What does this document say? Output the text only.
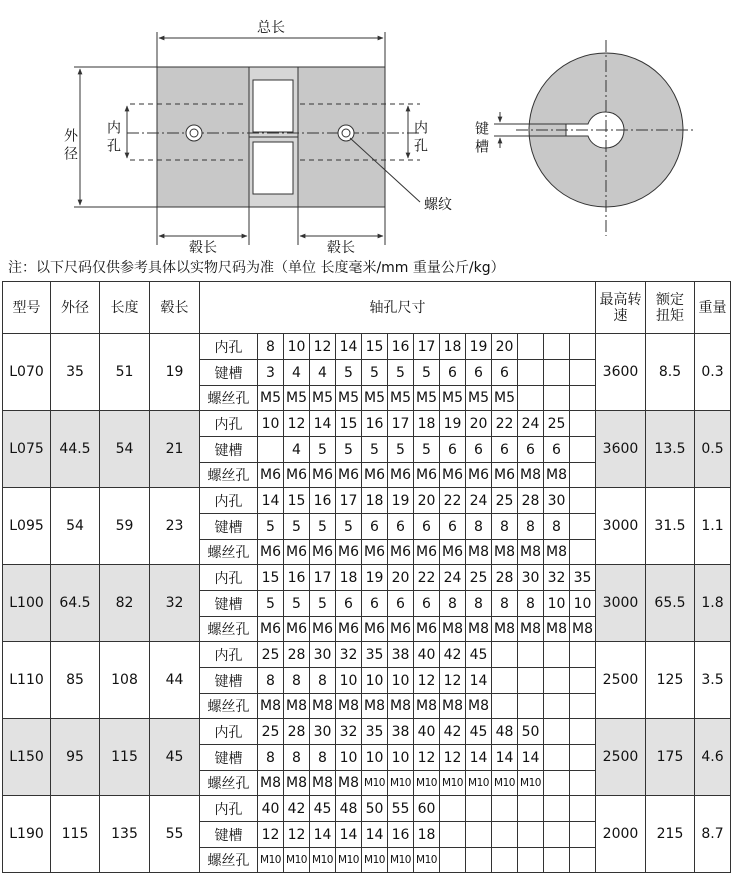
总长
外径 内孔	内孔
螺纹
毂长	毂长
键槽
注：以下尺码仅供参考具体以实物尺码为准（单位 长度毫米/mm 重量公斤/kg）
型号	外径	长度	毂长	轴孔尺寸														最高转速	额定扭矩	重量
L070	35	51	19	内孔	8	10	12	14	15	16	17	18	19	20				3600	8.5	0.3
				键槽	3	4	4	5	5	5	5	6	6	6						
				螺丝孔	M5	M5	M5	M5	M5	M5	M5	M5	M5	M5						
L075	44.5	54	21	内孔	10	12	14	15	16	17	18	19	20	22	24	25		3600	13.5	0.5
				键槽		4	5	5	5	5	5	6	6	6	6	6				
				螺丝孔	M6	M6	M6	M6	M6	M6	M6	M6	M6	M6	M8	M8				
L095	54	59	23	内孔	14	15	16	17	18	19	20	22	24	25	28	30		3000	31.5	1.1
				键槽	5	5	5	5	6	6	6	6	8	8	8	8				
				螺丝孔	M6	M6	M6	M6	M6	M6	M6	M6	M8	M8	M8	M8				
L100	64.5	82	32	内孔	15	16	17	18	19	20	22	24	25	28	30	32	35	3000	65.5	1.8
				键槽	5	5	5	6	6	6	6	8	8	8	8	10	10			
				螺丝孔	M6	M6	M6	M6	M6	M6	M6	M8	M8	M8	M8	M8	M8			
L110	85	108	44	内孔	25	28	30	32	35	38	40	42	45					2500	125	3.5
				键槽	8	8	8	10	10	10	12	12	14							
				螺丝孔	M8	M8	M8	M8	M8	M8	M8	M8	M8							
L150	95	115	45	内孔	25	28	30	32	35	38	40	42	45	48	50			2500	175	4.6
				键槽	8	8	8	10	10	10	12	12	14	14	14					
				螺丝孔	M8	M8	M8	M8	M10	M10	M10	M10	M10	M10	M10					
L190	115	135	55	内孔	40	42	45	48	50	55	60							2000	215	8.7
				键槽	12	12	14	14	14	16	18									
				螺丝孔	M10	M10	M10	M10	M10	M10	M10									
